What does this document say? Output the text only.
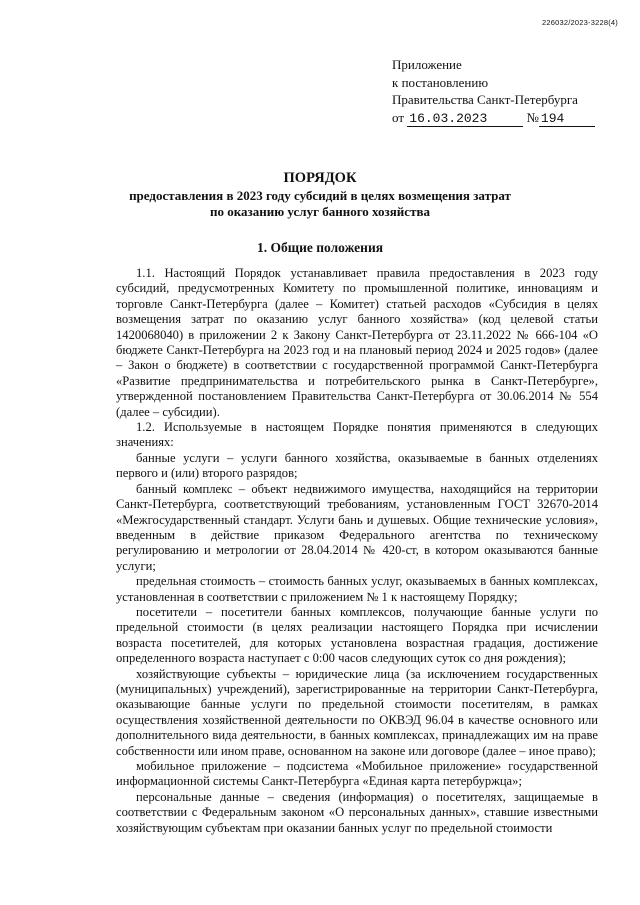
226032/2023-3228(4)
Приложение
к постановлению
Правительства Санкт-Петербурга
от 16.03.2023	№ 194
ПОРЯДОК
предоставления в 2023 году субсидий в целях возмещения затрат
по оказанию услуг банного хозяйства
1. Общие положения

1.1. Настоящий Порядок устанавливает правила предоставления в 2023 году субсидий, предусмотренных Комитету по промышленной политике, инновациям и торговле Санкт-Петербурга (далее – Комитет) статьей расходов «Субсидия в целях возмещения затрат по оказанию услуг банного хозяйства» (код целевой статьи 1420068040) в приложении 2 к Закону Санкт-Петербурга от 23.11.2022 № 666-104 «О бюджете Санкт-Петербурга на 2023 год и на плановый период 2024 и 2025 годов» (далее – Закон о бюджете) в соответствии с государственной программой Санкт-Петербурга «Развитие предпринимательства и потребительского рынка в Санкт-Петербурге», утвержденной постановлением Правительства Санкт-Петербурга от 30.06.2014 № 554 (далее – субсидии).

1.2. Используемые в настоящем Порядке понятия применяются в следующих значениях:

банные услуги – услуги банного хозяйства, оказываемые в банных отделениях первого и (или) второго разрядов;

банный комплекс – объект недвижимого имущества, находящийся на территории Санкт-Петербурга, соответствующий требованиям, установленным ГОСТ 32670-2014 «Межгосударственный стандарт. Услуги бань и душевых. Общие технические условия», введенным в действие приказом Федерального агентства по техническому регулированию и метрологии от 28.04.2014 № 420-ст, в котором оказываются банные услуги;

предельная стоимость – стоимость банных услуг, оказываемых в банных комплексах, установленная в соответствии с приложением № 1 к настоящему Порядку;

посетители – посетители банных комплексов, получающие банные услуги по предельной стоимости (в целях реализации настоящего Порядка при исчислении возраста посетителей, для которых установлена возрастная градация, достижение определенного возраста наступает с 0:00 часов следующих суток со дня рождения);

хозяйствующие субъекты – юридические лица (за исключением государственных (муниципальных) учреждений), зарегистрированные на территории Санкт-Петербурга, оказывающие банные услуги по предельной стоимости посетителям, в рамках осуществления хозяйственной деятельности по ОКВЭД 96.04 в качестве основного или дополнительного вида деятельности, в банных комплексах, принадлежащих им на праве собственности или ином праве, основанном на законе или договоре (далее – иное право);

мобильное приложение – подсистема «Мобильное приложение» государственной информационной системы Санкт-Петербурга «Единая карта петербуржца»;

персональные данные – сведения (информация) о посетителях, защищаемые в соответствии с Федеральным законом «О персональных данных», ставшие известными хозяйствующим субъектам при оказании банных услуг по предельной стоимости
